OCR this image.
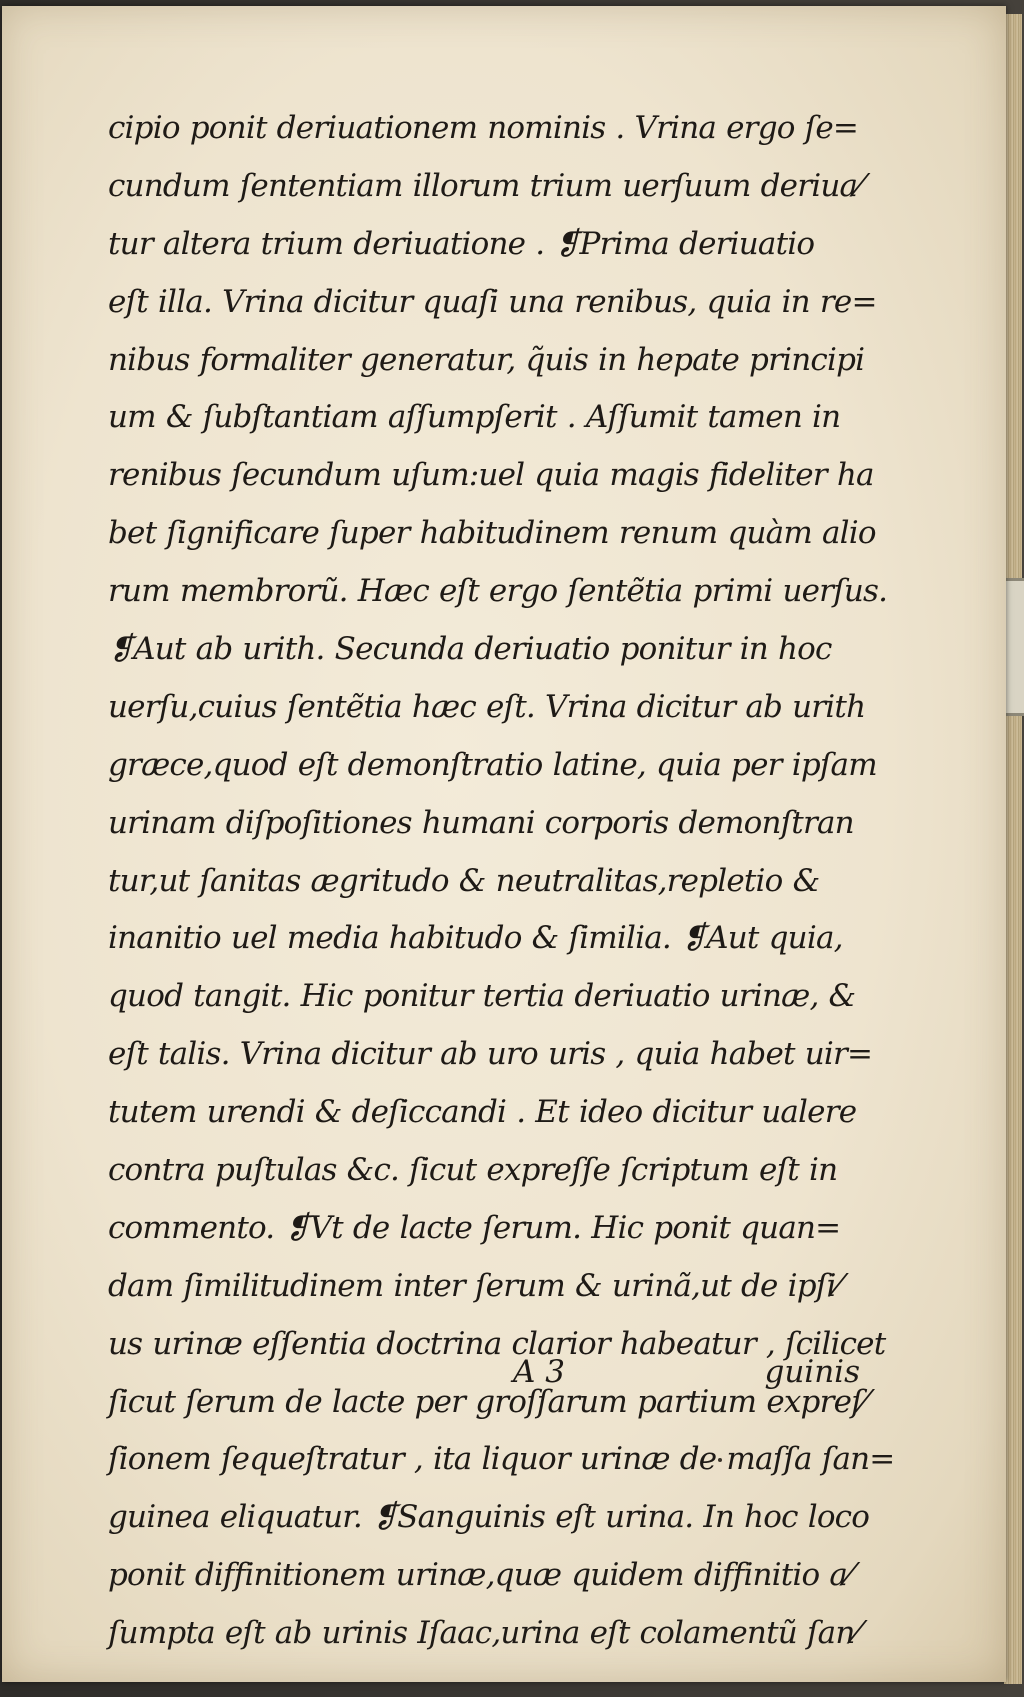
cipio ponit deriuationem nominis . Vrina ergo ſe=
cundum ſententiam illorum trium uerſuum deriua⁄
tur altera trium deriuatione . ❡Prima deriuatio
eſt illa. Vrina dicitur quaſi una renibus, quia in re=
nibus formaliter generatur, q̃uis in hepate principi
um & ſubſtantiam aſſumpſerit . Aſſumit tamen in
renibus ſecundum uſum:uel quia magis fideliter ha
bet ſignificare ſuper habitudinem renum quàm alio
rum membrorũ. Hæc eſt ergo ſentẽtia primi uerſus.
❡Aut ab urith. Secunda deriuatio ponitur in hoc
uerſu,cuius ſentẽtia hæc eſt. Vrina dicitur ab urith
græce,quod eſt demonſtratio latine, quia per ipſam
urinam diſpoſitiones humani corporis demonſtran
tur,ut ſanitas ægritudo & neutralitas,repletio &
inanitio uel media habitudo & ſimilia. ❡Aut quia,
quod tangit. Hic ponitur tertia deriuatio urinæ, &
eſt talis. Vrina dicitur ab uro uris , quia habet uir=
tutem urendi & deſiccandi . Et ideo dicitur ualere
contra puſtulas &c. ſicut expreſſe ſcriptum eſt in
commento. ❡Vt de lacte ſerum. Hic ponit quan=
dam ſimilitudinem inter ſerum & urinã,ut de ipſi⁄
us urinæ eſſentia doctrina clarior habeatur , ſcilicet
ſicut ſerum de lacte per groſſarum partium expreſ⁄
ſionem ſequeſtratur , ita liquor urinæ de maſſa ſan=
guinea eliquatur. ❡Sanguinis eſt urina. In hoc loco
ponit diffinitionem urinæ,quæ quidem diffinitio a⁄
ſumpta eſt ab urinis Iſaac,urina eſt colamentũ ſan⁄
A 3	guinis
